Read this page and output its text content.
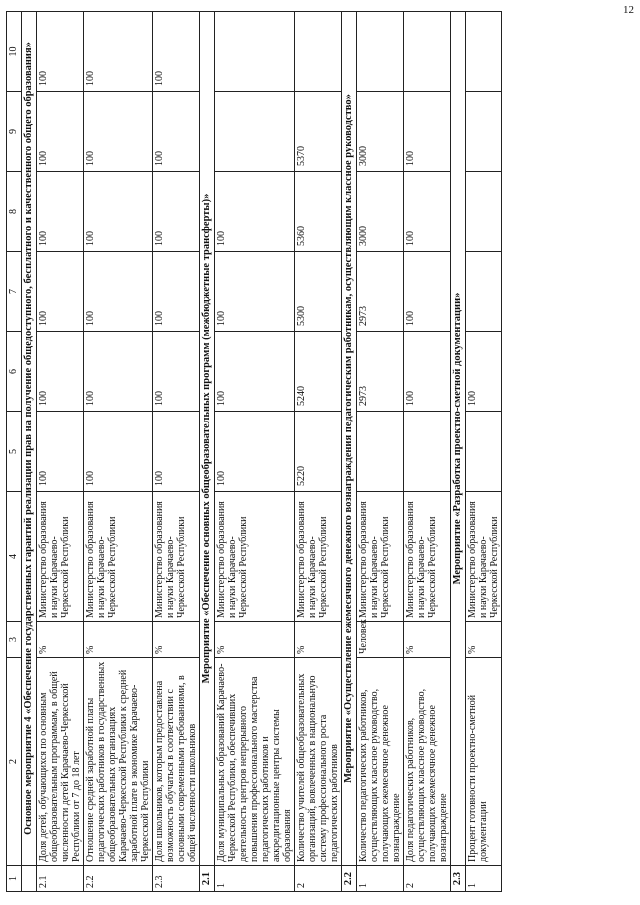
12
1	2	3	4	5	6	7	8	9	10
	Основное мероприятие 4 «Обеспечение государственных гарантий реализации прав на получение общедоступного, бесплатного и качественного общего образования»								
2.1	Доля детей, обучающихся по основным общеобразовательным программам, в общей численности детей Карачаево-Черкесской Республики от 7 до 18 лет	%	Министерство образования и науки Карачаево-Черкесской Республики	100	100	100	100	100	100
2.2	Отношение средней заработной платы педагогических работников в государственных общеобразовательных организациях Карачаево-Черкесской Республики к средней заработной плате в экономике Карачаево-Черкесской Республики	%	Министерство образования и науки Карачаево-Черкесской Республики	100	100	100	100	100	100
2.3	Доля школьников, которым предоставлена возможность обучаться в соответствии с основными современными требованиями, в общей численности школьников	%	Министерство образования и науки Карачаево-Черкесской Республики	100	100	100	100	100	100
2.1	Мероприятие «Обеспечение основных общеобразовательных программ (межбюджетные трансферты)»								
1	Доля муниципальных образований Карачаево-Черкесской Республики, обеспечивших деятельность центров непрерывного повышения профессионального мастерства педагогических работников и аккредитационные центры системы образования	%	Министерство образования и науки Карачаево-Черкесской Республики	100	100	100	100		
2	Количество учителей общеобразовательных организаций, вовлеченных в национальную систему профессионального роста педагогических работников	%	Министерство образования и науки Карачаево-Черкесской Республики	5220	5240	5300	5360	5370	
2.2	Мероприятие «Осуществление ежемесячного денежного вознаграждения педагогическим работникам, осуществляющим классное руководство»								
1	Количество педагогических работников, осуществляющих классное руководство, получающих ежемесячное денежное вознаграждение	Человек	Министерство образования и науки Карачаево-Черкесской Республики		2973	2973	3000	3000	
2	Доля педагогических работников, осуществляющих классное руководство, получающих ежемесячное денежное вознаграждение	%	Министерство образования и науки Карачаево-Черкесской Республики		100	100	100	100	
2.3	Мероприятие «Разработка проектно-сметной документации»								
1	Процент готовности проектно-сметной документации	%	Министерство образования и науки Карачаево-Черкесской Республики		100				
